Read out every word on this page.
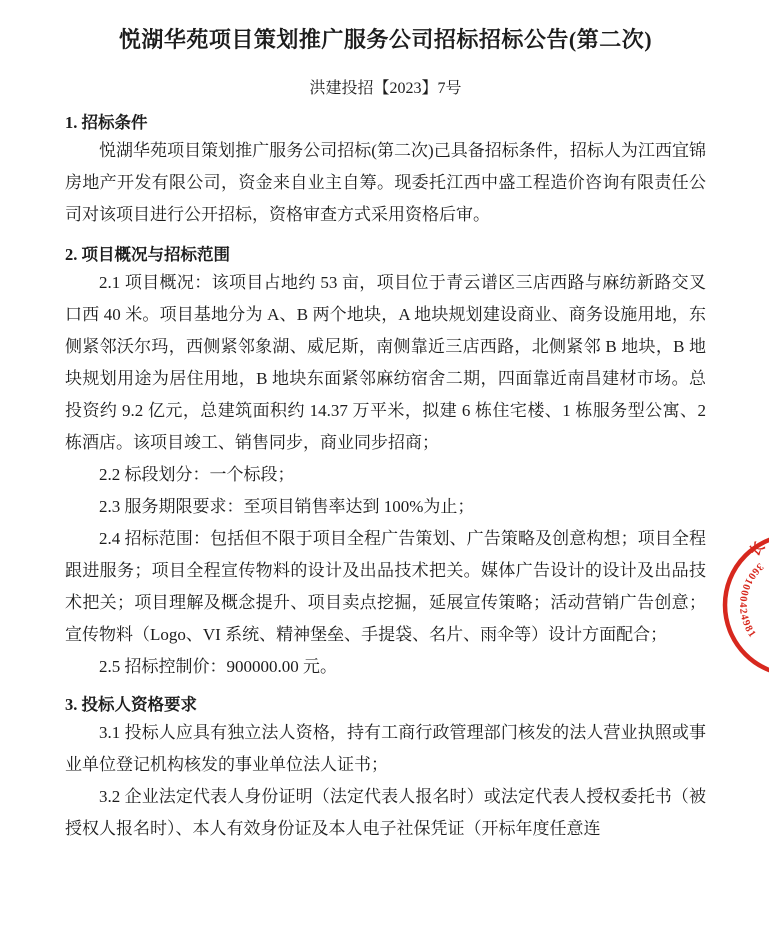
悦湖华苑项目策划推广服务公司招标招标公告(第二次)
洪建投招【2023】7号
1. 招标条件

悦湖华苑项目策划推广服务公司招标(第二次)己具备招标条件，招标人为江西宜锦房地产开发有限公司，资金来自业主自筹。现委托江西中盛工程造价咨询有限责任公司对该项目进行公开招标，资格审查方式采用资格后审。

2. 项目概况与招标范围

2.1 项目概况：该项目占地约 53 亩，项目位于青云谱区三店西路与麻纺新路交叉口西 40 米。项目基地分为 A、B 两个地块，A 地块规划建设商业、商务设施用地，东侧紧邻沃尔玛，西侧紧邻象湖、威尼斯，南侧靠近三店西路，北侧紧邻 B 地块，B 地块规划用途为居住用地，B 地块东面紧邻麻纺宿舍二期，四面靠近南昌建材市场。总投资约 9.2 亿元，总建筑面积约 14.37 万平米，拟建 6 栋住宅楼、1 栋服务型公寓、2 栋酒店。该项目竣工、销售同步，商业同步招商；

2.2 标段划分：一个标段；

2.3 服务期限要求：至项目销售率达到 100%为止；

2.4 招标范围：包括但不限于项目全程广告策划、广告策略及创意构想；项目全程跟进服务；项目全程宣传物料的设计及出品技术把关。媒体广告设计的设计及出品技术把关；项目理解及概念提升、项目卖点挖掘，延展宣传策略；活动营销广告创意；宣传物料（Logo、VI 系统、精神堡垒、手提袋、名片、雨伞等）设计方面配合；

2.5 招标控制价：900000.00 元。

3. 投标人资格要求

3.1 投标人应具有独立法人资格，持有工商行政管理部门核发的法人营业执照或事业单位登记机构核发的事业单位法人证书；

3.2 企业法定代表人身份证明（法定代表人报名时）或法定代表人授权委托书（被授权人报名时）、本人有效身份证及本人电子社保凭证（开标年度任意连

3601000424981
长
